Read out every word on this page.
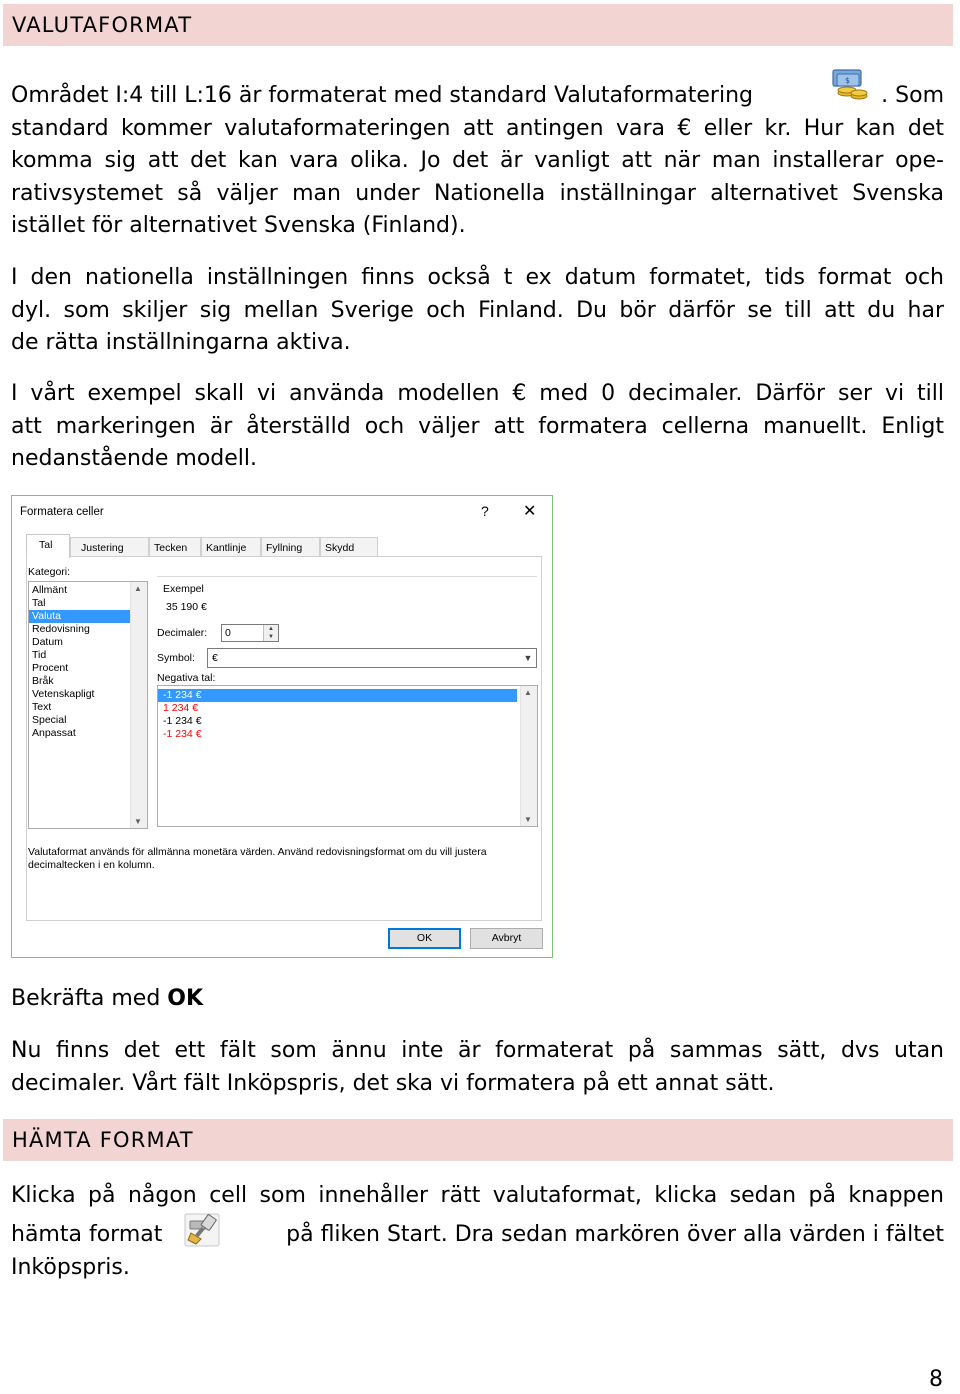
VALUTAFORMAT
Området I:4 till L:16 är formaterat med standard Valutaformatering
$
. Som
standard kommer valutaformateringen att antingen vara € eller kr. Hur kan det
komma sig att det kan vara olika. Jo det är vanligt att när man installerar ope-
rativsystemet så väljer man under Nationella inställningar alternativet Svenska
istället för alternativet Svenska (Finland).
I den nationella inställningen finns också t ex datum formatet, tids format och
dyl. som skiljer sig mellan Sverige och Finland. Du bör därför se till att du har
de rätta inställningarna aktiva.
I vårt exempel skall vi använda modellen € med 0 decimaler. Därför ser vi till
att markeringen är återställd och väljer att formatera cellerna manuellt. Enligt
nedanstående modell.
Formatera celler	? ✕
Tal	Justering	Tecken	Kantlinje	Fyllning	Skydd
Kategori:
Allmänt
Tal
Valuta
Redovisning
Datum
Tid
Procent
Bråk
Vetenskapligt
Text
Special
Anpassat
▲
▼
Exempel
35 190 €
Decimaler: 0	▲
▼
Symbol: €	▼
Negativa tal:
-1 234 €
1 234 €
-1 234 €
-1 234 €
▲
▼
Valutaformat används för allmänna monetära värden. Använd redovisningsformat om du vill justera
decimaltecken i en kolumn.
OK	Avbryt
Bekräfta med OK
Nu finns det ett fält som ännu inte är formaterat på sammas sätt, dvs utan
decimaler. Vårt fält Inköpspris, det ska vi formatera på ett annat sätt.
HÄMTA FORMAT
Klicka på någon cell som innehåller rätt valutaformat, klicka sedan på knappen
hämta format	på fliken Start. Dra sedan markören över alla värden i fältet
Inköpspris.
8
